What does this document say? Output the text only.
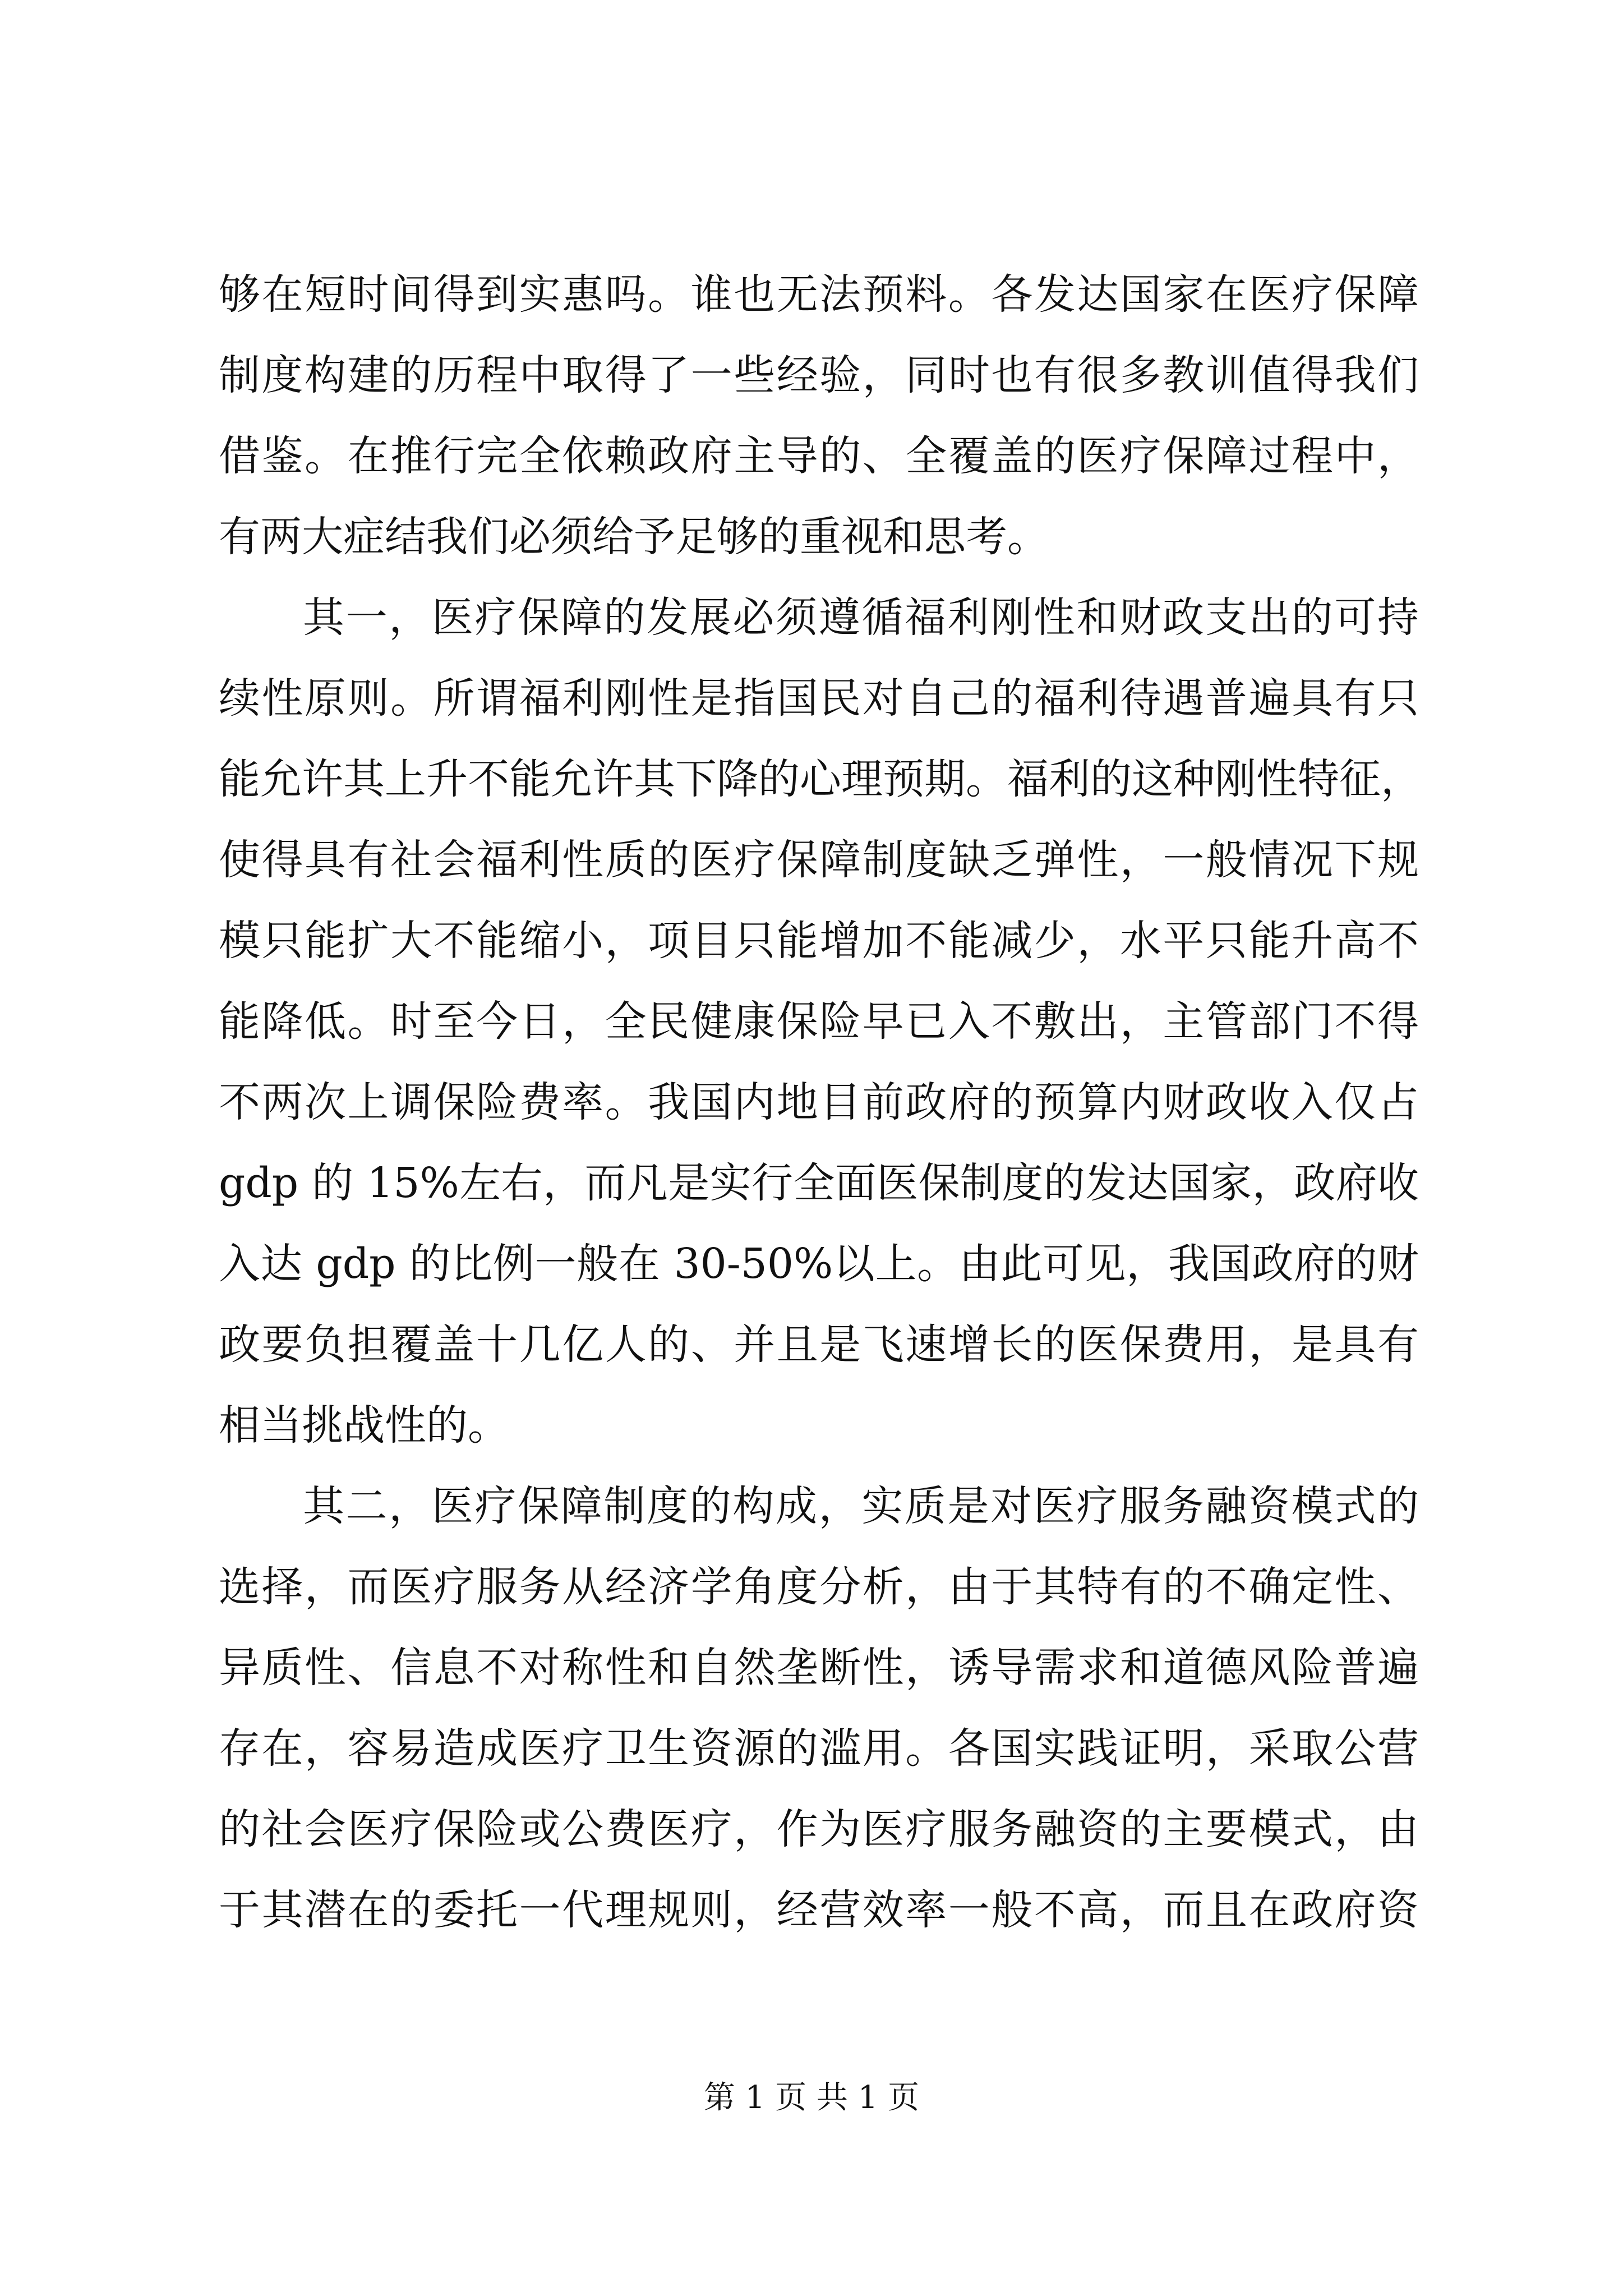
够在短时间得到实惠吗。谁也无法预料。各发达国家在医疗保障
制度构建的历程中取得了一些经验，同时也有很多教训值得我们
借鉴。在推行完全依赖政府主导的、全覆盖的医疗保障过程中，
有两大症结我们必须给予足够的重视和思考。
其一，医疗保障的发展必须遵循福利刚性和财政支出的可持
续性原则。所谓福利刚性是指国民对自己的福利待遇普遍具有只
能允许其上升不能允许其下降的心理预期。福利的这种刚性特征，
使得具有社会福利性质的医疗保障制度缺乏弹性，一般情况下规
模只能扩大不能缩小，项目只能增加不能减少，水平只能升高不
能降低。时至今日，全民健康保险早已入不敷出，主管部门不得
不两次上调保险费率。我国内地目前政府的预算内财政收入仅占
gdp 的 15%左右，而凡是实行全面医保制度的发达国家，政府收
入达 gdp 的比例一般在 30-50%以上。由此可见，我国政府的财
政要负担覆盖十几亿人的、并且是飞速增长的医保费用，是具有
相当挑战性的。
其二，医疗保障制度的构成，实质是对医疗服务融资模式的
选择，而医疗服务从经济学角度分析，由于其特有的不确定性、
异质性、信息不对称性和自然垄断性，诱导需求和道德风险普遍
存在，容易造成医疗卫生资源的滥用。各国实践证明，采取公营
的社会医疗保险或公费医疗，作为医疗服务融资的主要模式，由
于其潜在的委托一代理规则，经营效率一般不高，而且在政府资
第 1 页 共 1 页
